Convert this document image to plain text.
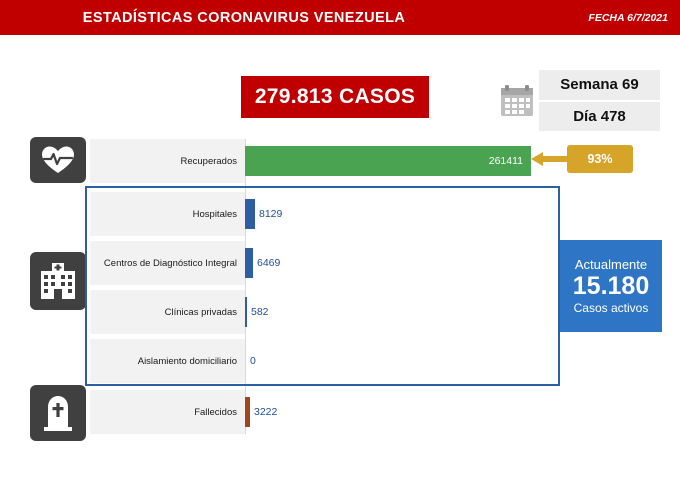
ESTADÍSTICAS CORONAVIRUS VENEZUELA	FECHA 6/7/2021
279.813 CASOS
Semana 69
Día 478
Recuperados	261411
Hospitales	8129
Centros de Diagnóstico Integral	6469
Clínicas privadas	582
Aislamiento domiciliario	0
Fallecidos	3222
Actualmente
15.180
Casos activos
93%
